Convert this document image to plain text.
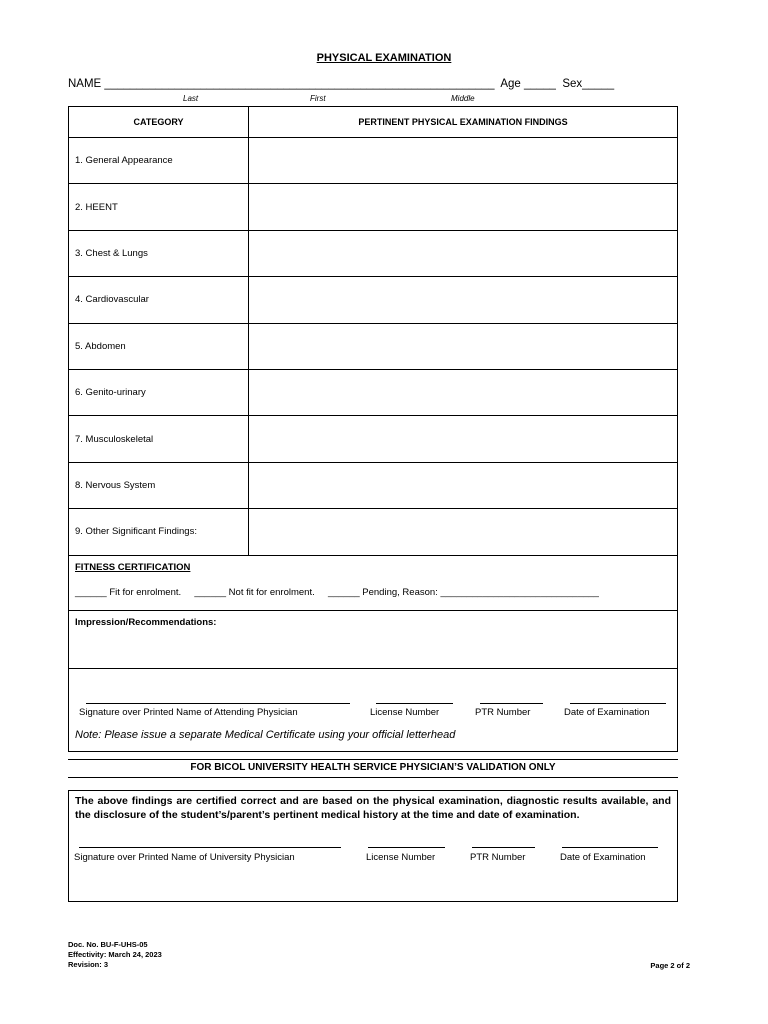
PHYSICAL EXAMINATION
NAME _____________________________________________________________  Age _____  Sex_____
Last	First	Middle
CATEGORY	PERTINENT PHYSICAL EXAMINATION FINDINGS
1. General Appearance
2. HEENT
3. Chest & Lungs
4. Cardiovascular
5. Abdomen
6. Genito-urinary
7. Musculoskeletal
8. Nervous System
9. Other Significant Findings:
FITNESS CERTIFICATION
______ Fit for enrolment.     ______ Not fit for enrolment.     ______ Pending, Reason: ______________________________
Impression/Recommendations:
Signature over Printed Name of Attending Physician	License Number	PTR Number	Date of Examination
Note: Please issue a separate Medical Certificate using your official letterhead
FOR BICOL UNIVERSITY HEALTH SERVICE PHYSICIAN’S VALIDATION ONLY
The above findings are certified correct and are based on the physical examination, diagnostic results available, and the disclosure of the student’s/parent’s pertinent medical history at the time and date of examination.
Signature over Printed Name of University Physician	License Number	PTR Number	Date of Examination
Doc. No. BU-F-UHS-05
Effectivity: March 24, 2023
Revision: 3	Page 2 of 2
